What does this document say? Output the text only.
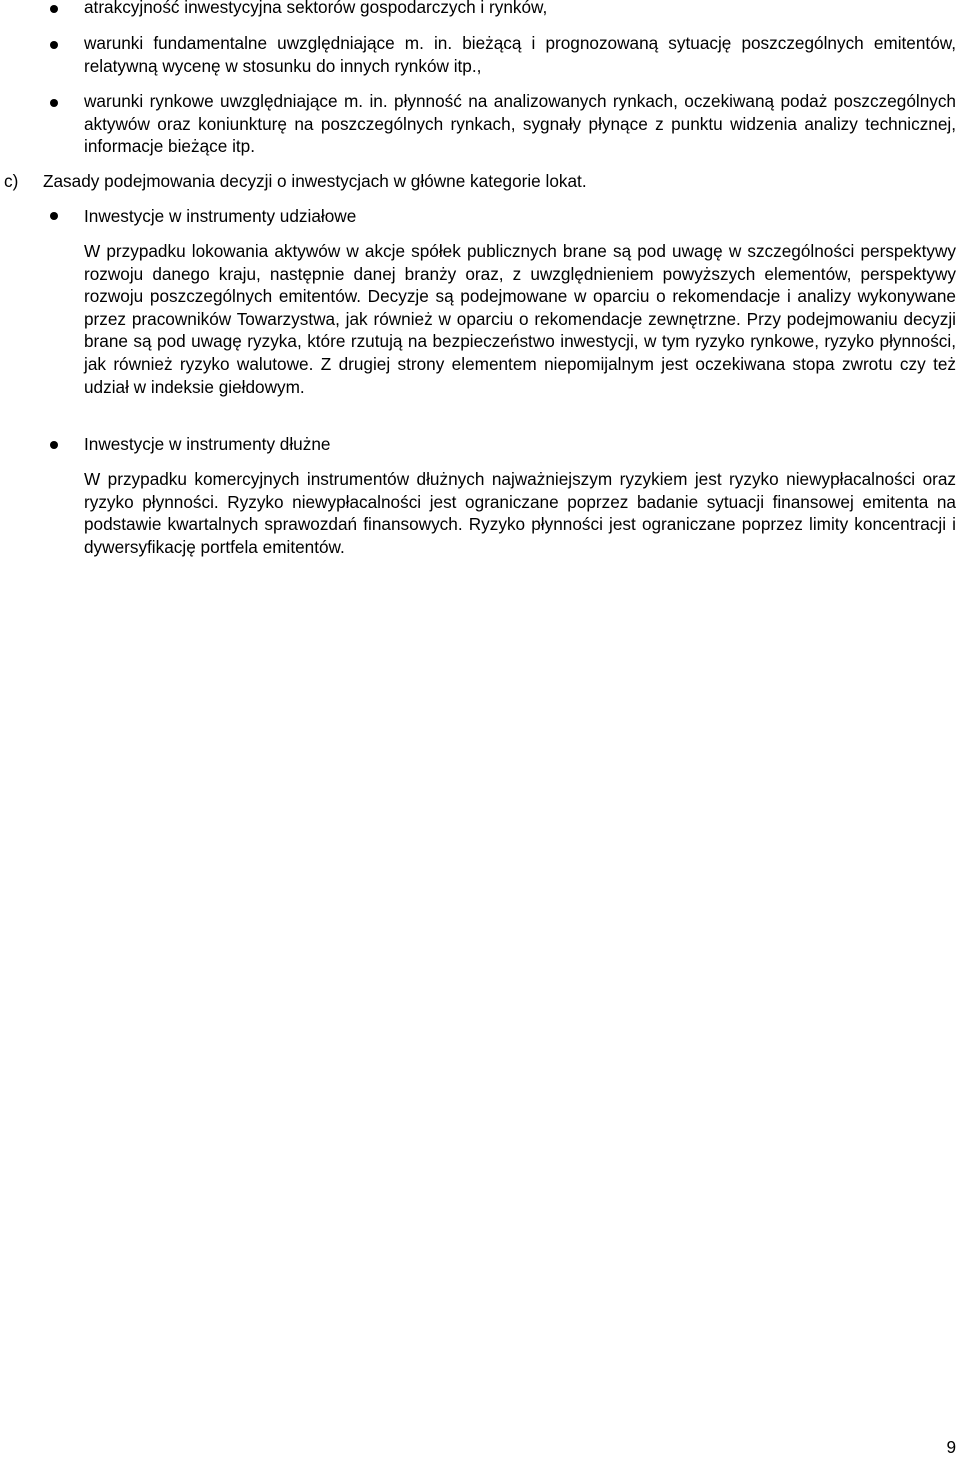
atrakcyjność inwestycyjna sektorów gospodarczych i rynków,

warunki fundamentalne uwzględniające m. in. bieżącą i prognozowaną sytuację poszczególnych emitentów, relatywną wycenę w stosunku do innych rynków itp.,

warunki rynkowe uwzględniające m. in. płynność na analizowanych rynkach, oczekiwaną podaż poszczególnych aktywów oraz koniunkturę na poszczególnych rynkach, sygnały płynące z punktu widzenia analizy technicznej, informacje bieżące itp.

c) Zasady podejmowania decyzji o inwestycjach w główne kategorie lokat.

Inwestycje w instrumenty udziałowe

W przypadku lokowania aktywów w akcje spółek publicznych brane są pod uwagę w szczególności perspektywy rozwoju danego kraju, następnie danej branży oraz, z uwzględnieniem powyższych elementów, perspektywy rozwoju poszczególnych emitentów. Decyzje są podejmowane w oparciu o rekomendacje i analizy wykonywane przez pracowników Towarzystwa, jak również w oparciu o rekomendacje zewnętrzne. Przy podejmowaniu decyzji brane są pod uwagę ryzyka, które rzutują na bezpieczeństwo inwestycji, w tym ryzyko rynkowe, ryzyko płynności, jak również ryzyko walutowe. Z drugiej strony elementem niepomijalnym jest oczekiwana stopa zwrotu czy też udział w indeksie giełdowym.

Inwestycje w instrumenty dłużne

W przypadku komercyjnych instrumentów dłużnych najważniejszym ryzykiem jest ryzyko niewypłacalności oraz ryzyko płynności. Ryzyko niewypłacalności jest ograniczane poprzez badanie sytuacji finansowej emitenta na podstawie kwartalnych sprawozdań finansowych. Ryzyko płynności jest ograniczane poprzez limity koncentracji i dywersyfikację portfela emitentów.

9
